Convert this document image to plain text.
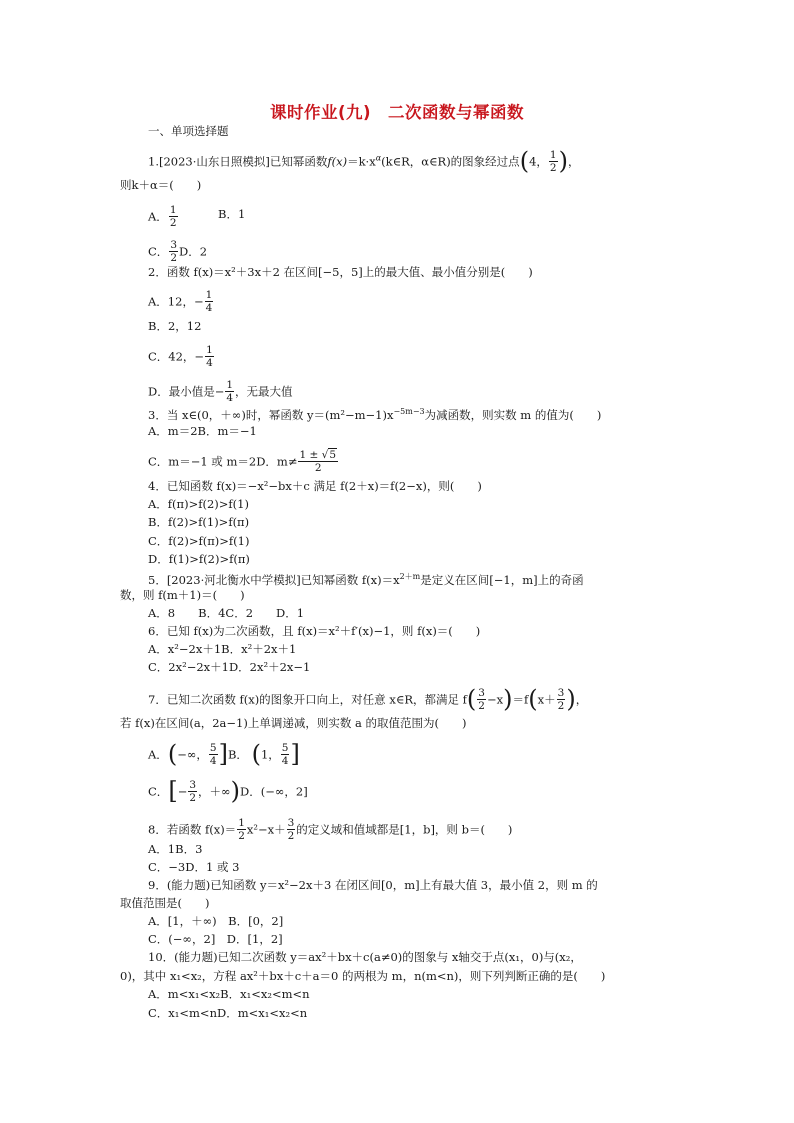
课时作业(九)　二次函数与幂函数
一、单项选择题
1.[2023·山东日照模拟]已知幂函数$f(x)=k\cdot x^\alpha(k\in R$，α∈R)的图象经过点(4， $\frac{1}{2}$ )，
则k＋α＝(　　)
A． $\frac{1}{2}$	B．1
C． $\frac{3}{2}$ D．2
2．函数 f(x)＝x²＋3x＋2 在区间[−5，5]上的最大值、最小值分别是(　　)
A．12，− $\frac{1}{4}$
B．2，12
C．42，− $\frac{1}{4}$
D．最小值是− $\frac{1}{4}$ ，无最大值
3．当 x∈(0，＋∞)时，幂函数 $y=(m^2-m-1)x^{-5m-3}$为减函数，则实数 m 的值为(　　)
A．m＝2B．m＝−1
C．m＝−1 或 m＝2D．$m\ne \frac{1 \pm √5}{2}$
4．已知函数 f(x)＝−x²−bx＋c 满足 f(2＋x)＝f(2−x)，则(　　)
A．f(π)>f(2)>f(1)
B．f(2)>f(1)>f(π)
C．f(2)>f(π)>f(1)
D．f(1)>f(2)>f(π)
5．[2023·河北衡水中学模拟]已知幂函数 $f(x)=x^{2+m}$是定义在区间[−1，m]上的奇函
数，则 f(m＋1)＝(　　)
A．8　　B．4C．2　　D．1
6．已知 f(x)为二次函数，且 f(x)＝x²＋f′(x)−1，则 f(x)＝(　　)
A．x²−2x＋1B．x²＋2x＋1
C．2x²−2x＋1D．2x²＋2x−1
7．已知二次函数 f(x)的图象开口向上，对任意 x∈R，都满足 $f( \frac{3}{2} -x)=f(x+ \frac{3}{2}$ )，
若 f(x)在区间(a，2a−1)上单调递减，则实数 a 的取值范围为(　　)
A．(−∞， $\frac{5}{4} ]B$． (1， $\frac{5}{4}$ ]
C．[− $\frac{3}{2}$ ，＋∞)D．(−∞，2]
8．若函数 $f(x)= \frac{1}{2} x^2-x+ \frac{3}{2}$ 的定义域和值域都是[1，b]，则 b＝(　　)
A．1B．3
C．−3D．1 或 3
9．(能力题)已知函数 y＝x²−2x＋3 在闭区间[0，m]上有最大值 3，最小值 2，则 m 的
取值范围是(　　)
A．[1，＋∞)　B．[0，2]
C．(−∞，2]　D．[1，2]
10．(能力题)已知二次函数 y＝ax²＋bx＋c(a≠0)的图象与 x轴交于点(x₁，0)与(x₂，
0)，其中 x₁<x₂，方程 ax²＋bx＋c＋a＝0 的两根为 m，n(m<n)，则下列判断正确的是(　　)
A．m<x₁<x₂B．x₁<x₂<m<n
C．x₁<m<nD．m<x₁<x₂<n
